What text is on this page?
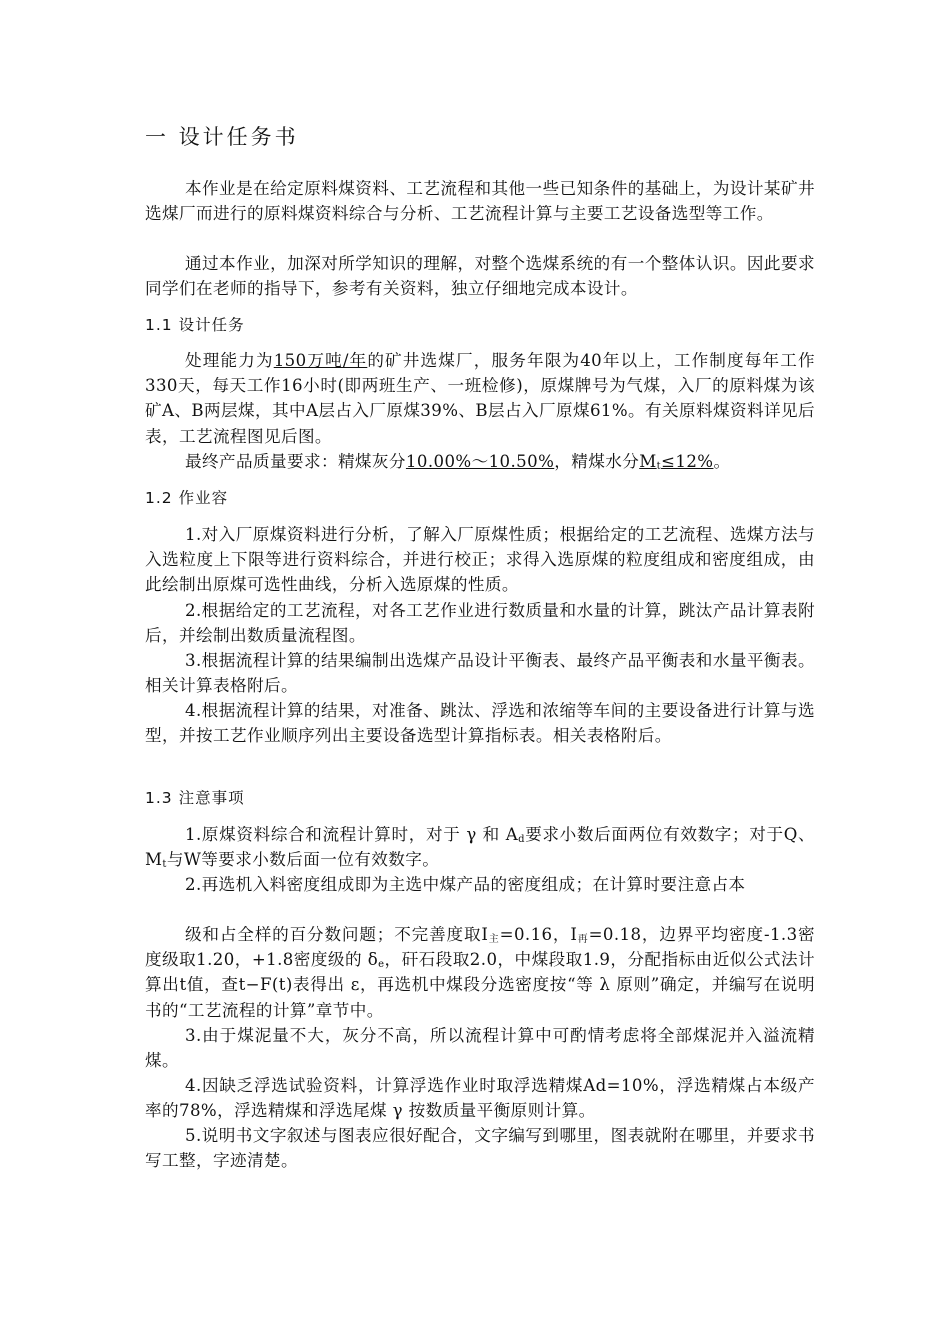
一 设计任务书
本作业是在给定原料煤资料、工艺流程和其他一些已知条件的基础上，为设计某矿井选煤厂而进行的原料煤资料综合与分析、工艺流程计算与主要工艺设备选型等工作。
通过本作业，加深对所学知识的理解，对整个选煤系统的有一个整体认识。因此要求同学们在老师的指导下，参考有关资料，独立仔细地完成本设计。
1.1 设计任务
处理能力为150万吨/年的矿井选煤厂，服务年限为40年以上，工作制度每年工作330天，每天工作16小时(即两班生产、一班检修)，原煤牌号为气煤，入厂的原料煤为该矿A、B两层煤，其中A层占入厂原煤39%、B层占入厂原煤61%。有关原料煤资料详见后表，工艺流程图见后图。
最终产品质量要求：精煤灰分10.00%～10.50%，精煤水分$M_t\le 12\%$。
1.2 作业容
1.对入厂原煤资料进行分析，了解入厂原煤性质；根据给定的工艺流程、选煤方法与入选粒度上下限等进行资料综合，并进行校正；求得入选原煤的粒度组成和密度组成，由此绘制出原煤可选性曲线，分析入选原煤的性质。
2.根据给定的工艺流程，对各工艺作业进行数质量和水量的计算，跳汰产品计算表附后，并绘制出数质量流程图。
3.根据流程计算的结果编制出选煤产品设计平衡表、最终产品平衡表和水量平衡表。相关计算表格附后。
4.根据流程计算的结果，对准备、跳汰、浮选和浓缩等车间的主要设备进行计算与选型，并按工艺作业顺序列出主要设备选型计算指标表。相关表格附后。
1.3 注意事项
1.原煤资料综合和流程计算时，对于 γ 和 $A_d$要求小数后面两位有效数字；对于Q、$M_t$与W等要求小数后面一位有效数字。
2.再选机入料密度组成即为主选中煤产品的密度组成；在计算时要注意占本
级和占全样的百分数问题；不完善度取$I_主=0.16$，$I_再=0.18$，边界平均密度-1.3密度级取1.20，+1.8密度级的 $\delta_e$，矸石段取2.0，中煤段取1.9，分配指标由近似公式法计算出t值，查t−F(t)表得出 ε，再选机中煤段分选密度按“等 λ 原则”确定，并编写在说明书的“工艺流程的计算”章节中。
3.由于煤泥量不大，灰分不高，所以流程计算中可酌情考虑将全部煤泥并入溢流精煤。
4.因缺乏浮选试验资料，计算浮选作业时取浮选精煤Ad=10%，浮选精煤占本级产率的78%，浮选精煤和浮选尾煤 γ 按数质量平衡原则计算。
5.说明书文字叙述与图表应很好配合，文字编写到哪里，图表就附在哪里，并要求书写工整，字迹清楚。
